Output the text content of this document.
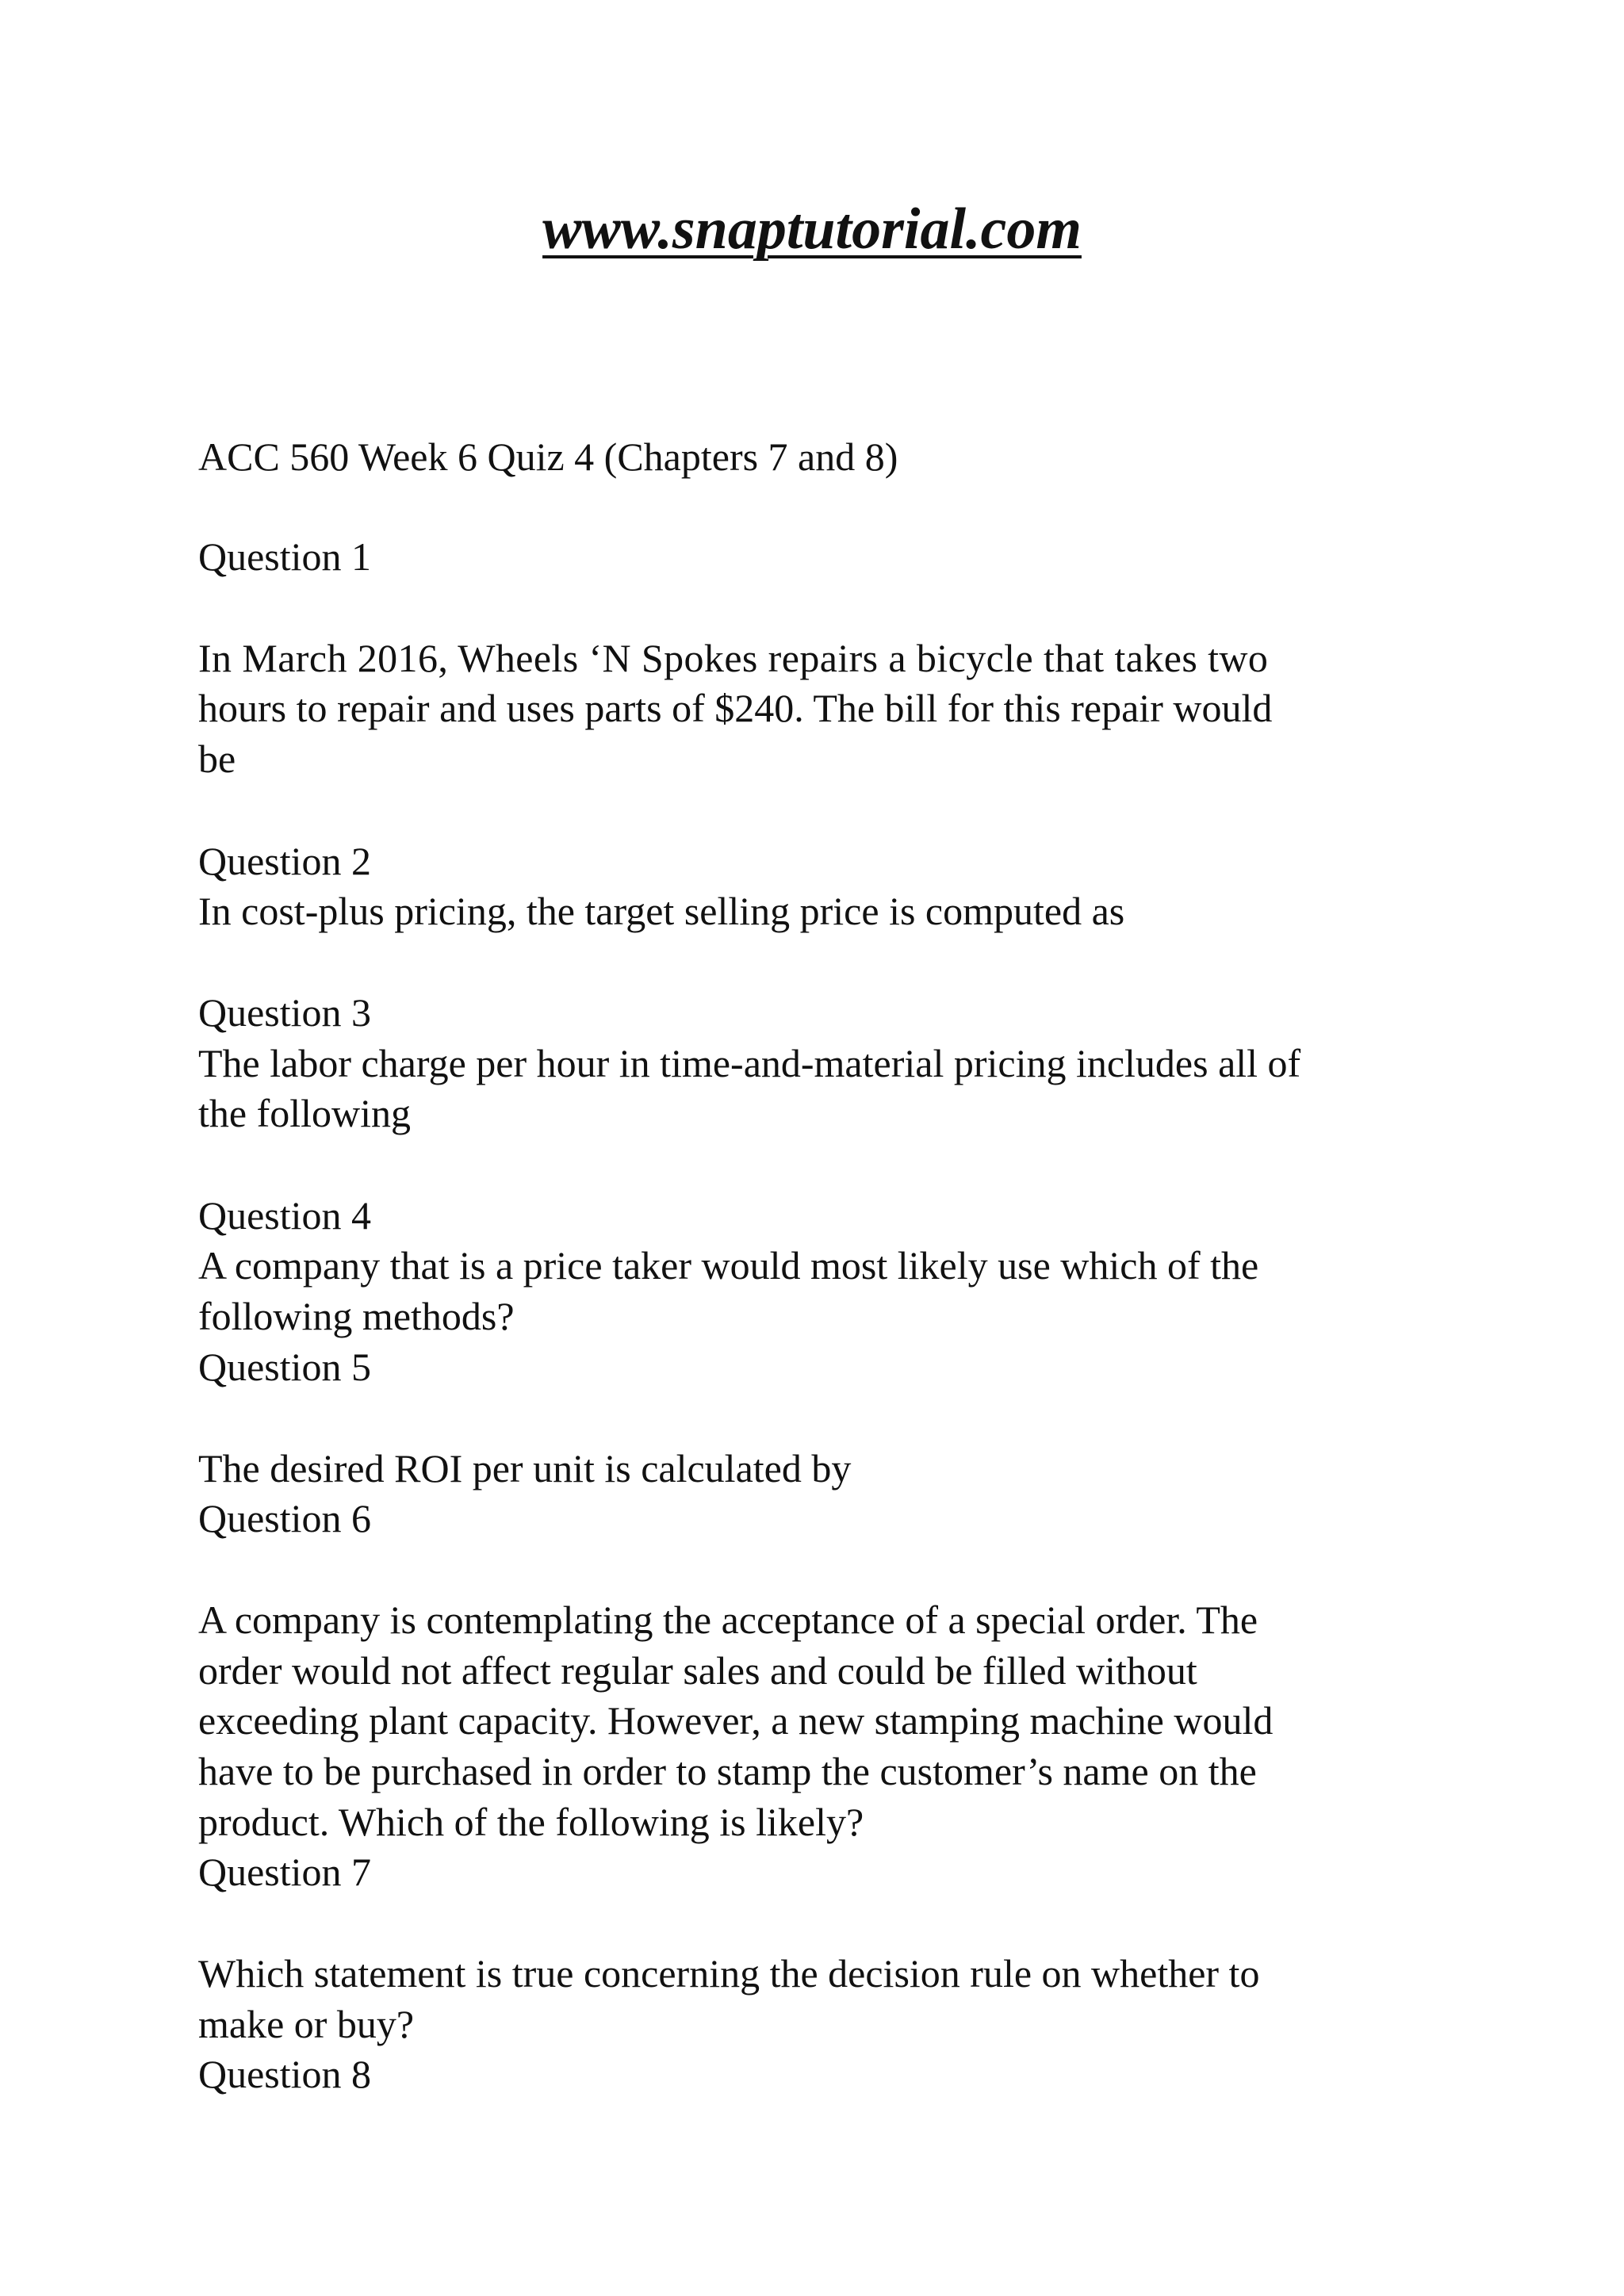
www.snaptutorial.com
ACC 560 Week 6 Quiz 4 (Chapters 7 and 8)
Question 1
In March 2016, Wheels ‘N Spokes repairs a bicycle that takes two
hours to repair and uses parts of $240. The bill for this repair would
be
Question 2
In cost-plus pricing, the target selling price is computed as
Question 3
The labor charge per hour in time-and-material pricing includes all of
the following
Question 4
A company that is a price taker would most likely use which of the
following methods?
Question 5
The desired ROI per unit is calculated by
Question 6
A company is contemplating the acceptance of a special order. The
order would not affect regular sales and could be filled without
exceeding plant capacity. However, a new stamping machine would
have to be purchased in order to stamp the customer’s name on the
product. Which of the following is likely?
Question 7
Which statement is true concerning the decision rule on whether to
make or buy?
Question 8
